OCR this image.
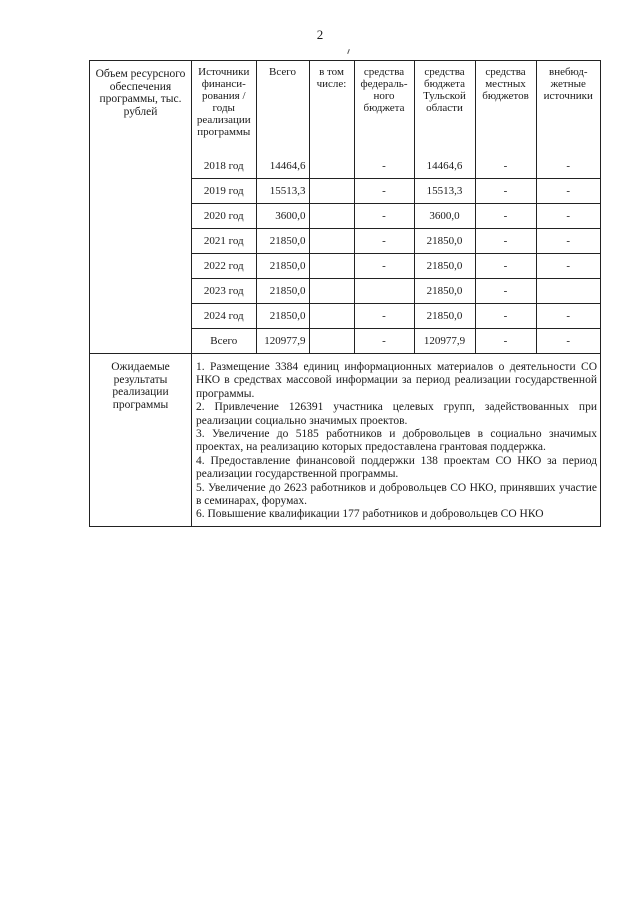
2
Объем ресурсного обеспечения программы, тыс. рублей	
Источники финанси-рования /годы реализации программы	Всего	в том числе:	средства федераль-ного бюджета	средства бюджета Тульской области	средства местных бюджетов	внебюд-жетные источники
2018 год	14464,6		-	14464,6	-	-
2019 год	15513,3		-	15513,3	-	-
2020 год	3600,0		-	3600,0	-	-
2021 год	21850,0		-	21850,0	-	-
2022 год	21850,0		-	21850,0	-	-
2023 год	21850,0			21850,0	-	
2024 год	21850,0		-	21850,0	-	-
Всего	120977,9		-	120977,9	-	-

Ожидаемые результаты реализации программы	

1. Размещение 3384 единиц информационных материалов о деятельности СО НКО в средствах массовой информации за период реализации государственной программы.

2. Привлечение 126391 участника целевых групп, задействованных при реализации социально значимых проектов.

3. Увеличение до 5185 работников и добровольцев в социально значимых проектах, на реализацию которых предоставлена грантовая поддержка.

4. Предоставление финансовой поддержки 138 проектам СО НКО за период реализации государственной программы.

5. Увеличение до 2623 работников и добровольцев СО НКО, принявших участие в семинарах, форумах.

6. Повышение квалификации 177 работников и добровольцев СО НКО
